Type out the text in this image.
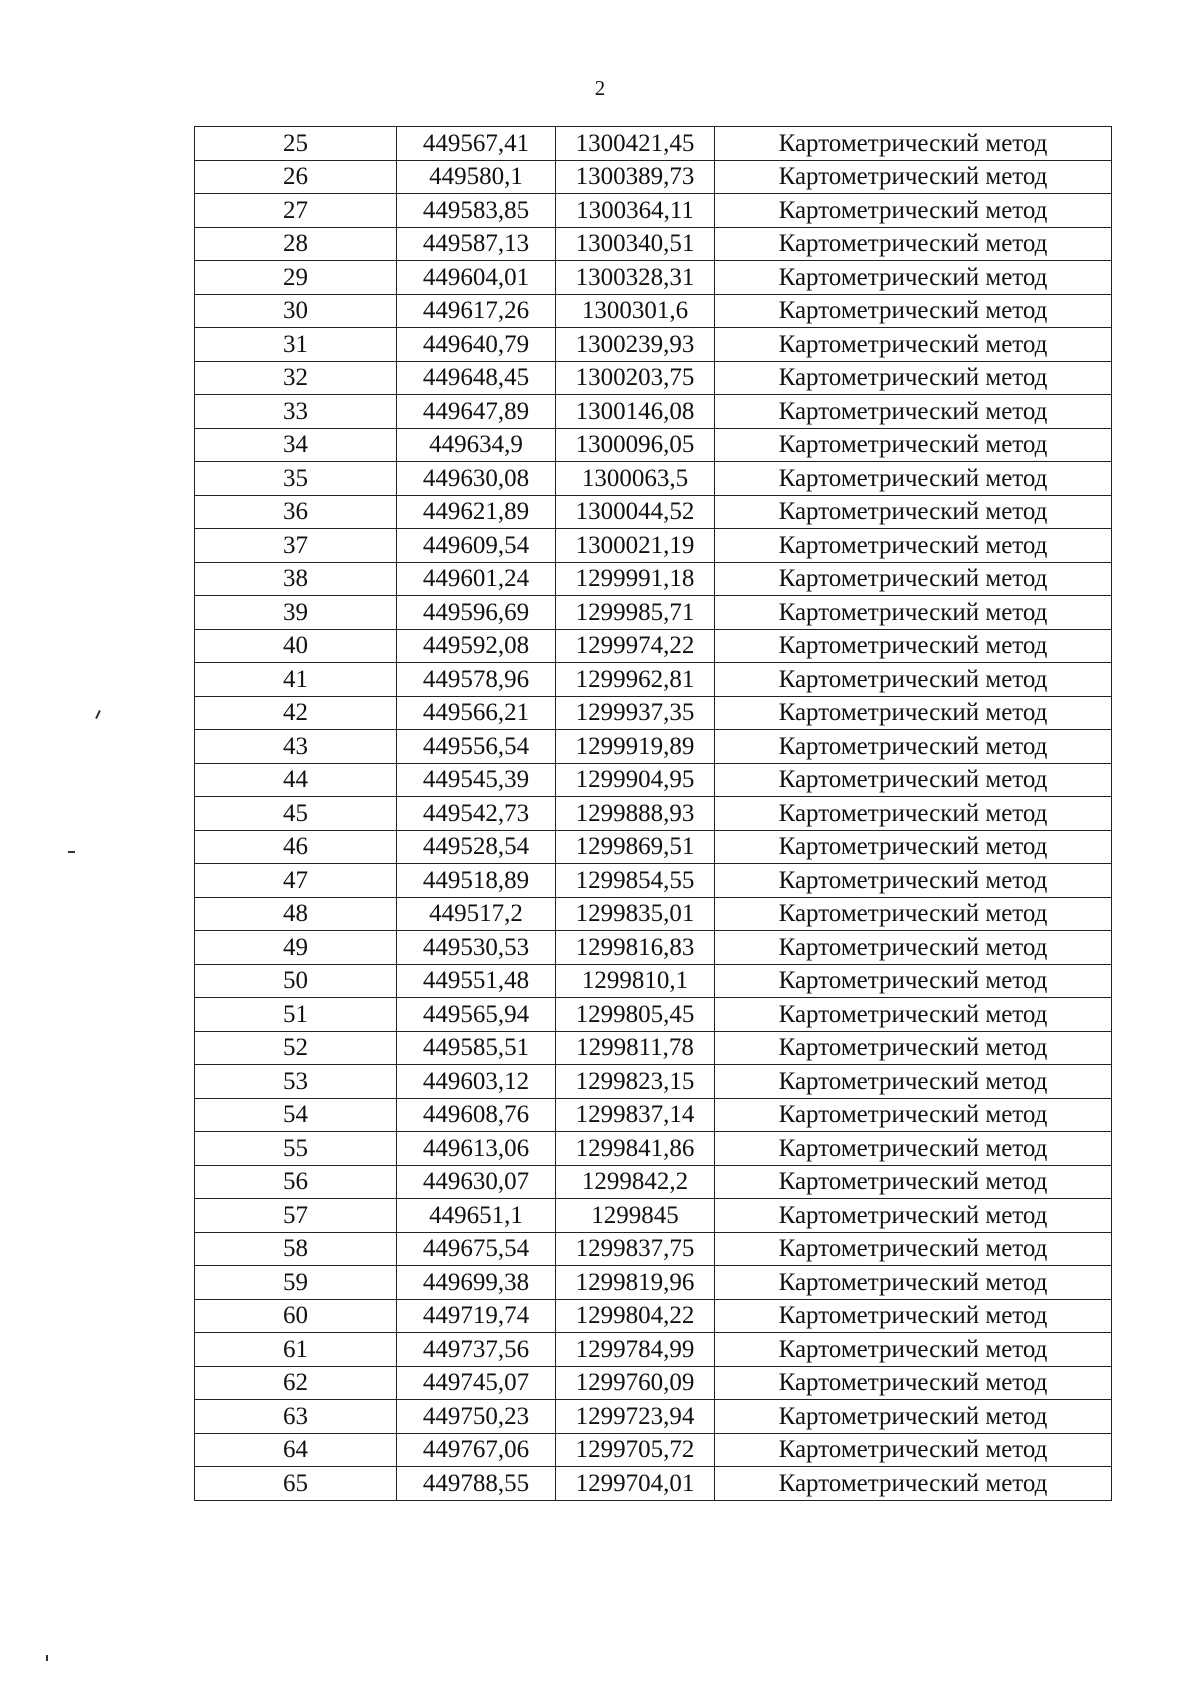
2
25	449567,41	1300421,45	Картометрический метод
26	449580,1	1300389,73	Картометрический метод
27	449583,85	1300364,11	Картометрический метод
28	449587,13	1300340,51	Картометрический метод
29	449604,01	1300328,31	Картометрический метод
30	449617,26	1300301,6	Картометрический метод
31	449640,79	1300239,93	Картометрический метод
32	449648,45	1300203,75	Картометрический метод
33	449647,89	1300146,08	Картометрический метод
34	449634,9	1300096,05	Картометрический метод
35	449630,08	1300063,5	Картометрический метод
36	449621,89	1300044,52	Картометрический метод
37	449609,54	1300021,19	Картометрический метод
38	449601,24	1299991,18	Картометрический метод
39	449596,69	1299985,71	Картометрический метод
40	449592,08	1299974,22	Картометрический метод
41	449578,96	1299962,81	Картометрический метод
42	449566,21	1299937,35	Картометрический метод
43	449556,54	1299919,89	Картометрический метод
44	449545,39	1299904,95	Картометрический метод
45	449542,73	1299888,93	Картометрический метод
46	449528,54	1299869,51	Картометрический метод
47	449518,89	1299854,55	Картометрический метод
48	449517,2	1299835,01	Картометрический метод
49	449530,53	1299816,83	Картометрический метод
50	449551,48	1299810,1	Картометрический метод
51	449565,94	1299805,45	Картометрический метод
52	449585,51	1299811,78	Картометрический метод
53	449603,12	1299823,15	Картометрический метод
54	449608,76	1299837,14	Картометрический метод
55	449613,06	1299841,86	Картометрический метод
56	449630,07	1299842,2	Картометрический метод
57	449651,1	1299845	Картометрический метод
58	449675,54	1299837,75	Картометрический метод
59	449699,38	1299819,96	Картометрический метод
60	449719,74	1299804,22	Картометрический метод
61	449737,56	1299784,99	Картометрический метод
62	449745,07	1299760,09	Картометрический метод
63	449750,23	1299723,94	Картометрический метод
64	449767,06	1299705,72	Картометрический метод
65	449788,55	1299704,01	Картометрический метод
